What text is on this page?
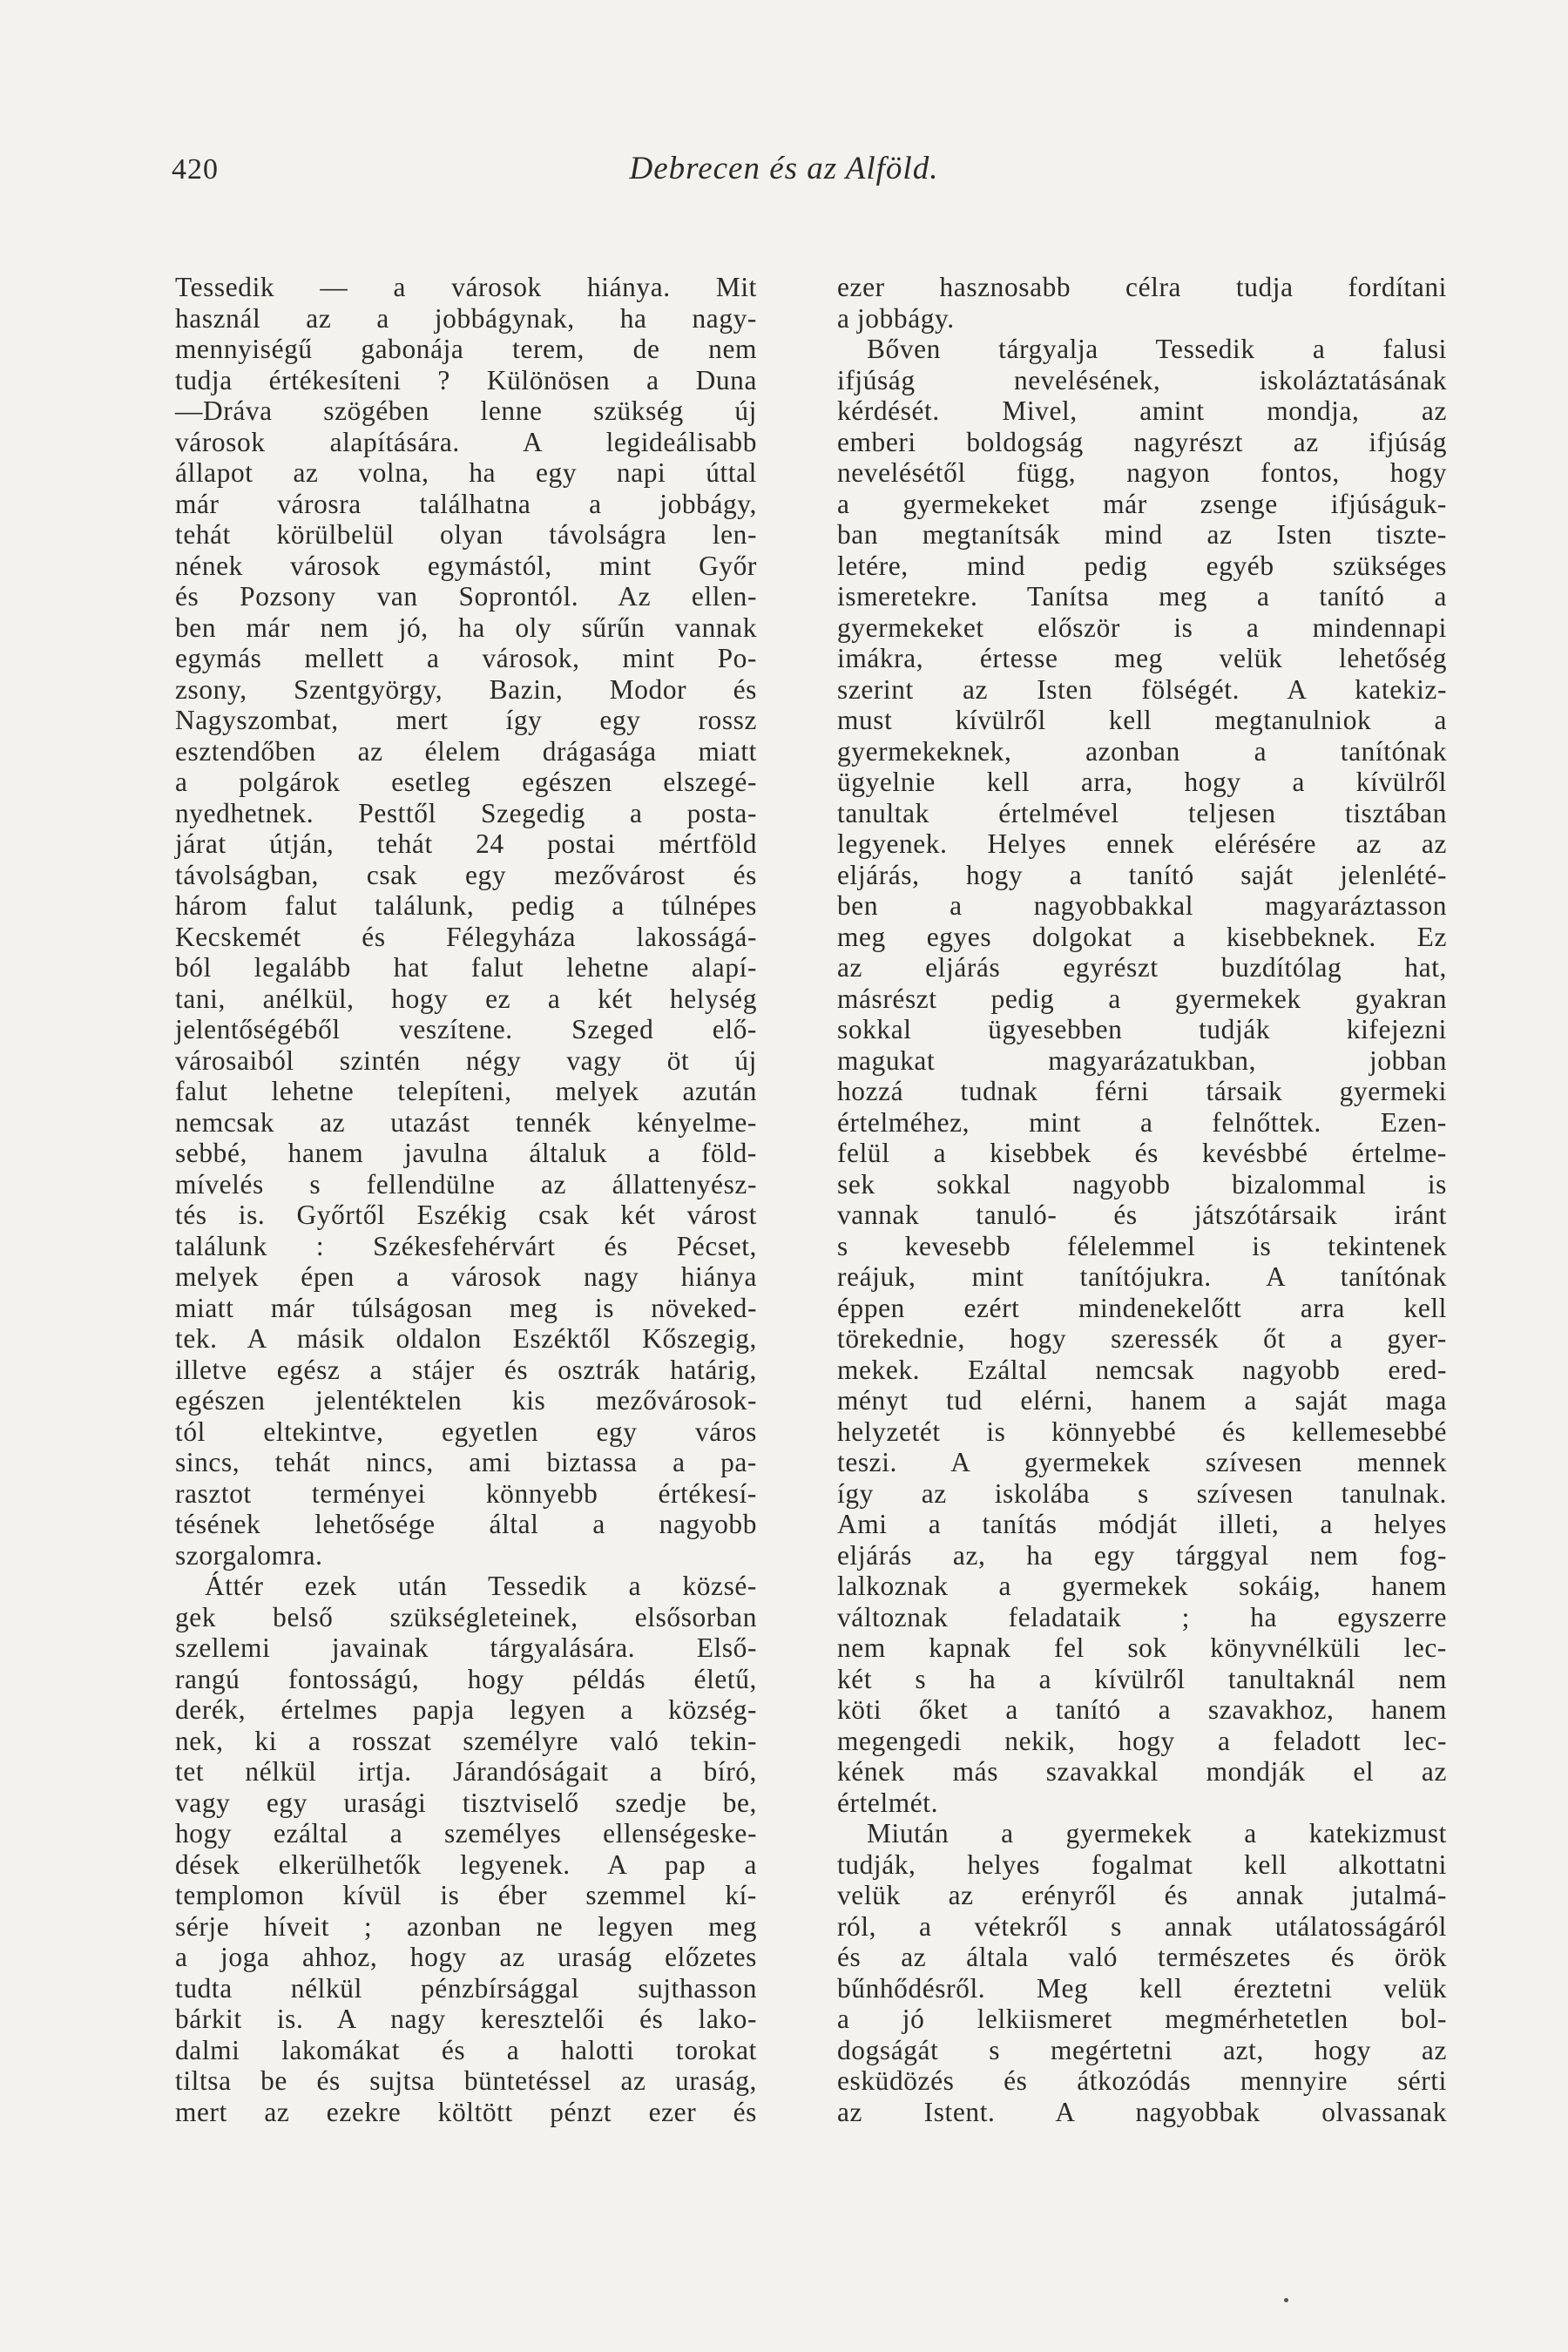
420	Debrecen és az Alföld.
Tessedik — a városok hiánya. Mit
használ az a jobbágynak, ha nagy-
mennyiségű gabonája terem, de nem
tudja értékesíteni ? Különösen a Duna
—Dráva szögében lenne szükség új
városok alapítására. A legideálisabb
állapot az volna, ha egy napi úttal
már városra találhatna a jobbágy,
tehát körülbelül olyan távolságra len-
nének városok egymástól, mint Győr
és Pozsony van Soprontól. Az ellen-
ben már nem jó, ha oly sűrűn vannak
egymás mellett a városok, mint Po-
zsony, Szentgyörgy, Bazin, Modor és
Nagyszombat, mert így egy rossz
esztendőben az élelem drágasága miatt
a polgárok esetleg egészen elszegé-
nyedhetnek. Pesttől Szegedig a posta-
járat útján, tehát 24 postai mértföld
távolságban, csak egy mezővárost és
három falut találunk, pedig a túlnépes
Kecskemét és Félegyháza lakosságá-
ból legalább hat falut lehetne alapí-
tani, anélkül, hogy ez a két helység
jelentőségéből veszítene. Szeged elő-
városaiból szintén négy vagy öt új
falut lehetne telepíteni, melyek azután
nemcsak az utazást tennék kényelme-
sebbé, hanem javulna általuk a föld-
mívelés s fellendülne az állattenyész-
tés is. Győrtől Eszékig csak két várost
találunk : Székesfehérvárt és Pécset,
melyek épen a városok nagy hiánya
miatt már túlságosan meg is növeked-
tek. A másik oldalon Eszéktől Kőszegig,
illetve egész a stájer és osztrák határig,
egészen jelentéktelen kis mezővárosok-
tól eltekintve, egyetlen egy város
sincs, tehát nincs, ami biztassa a pa-
rasztot terményei könnyebb értékesí-
tésének lehetősége által a nagyobb
szorgalomra.
Áttér ezek után Tessedik a közsé-
gek belső szükségleteinek, elsősorban
szellemi javainak tárgyalására. Első-
rangú fontosságú, hogy példás életű,
derék, értelmes papja legyen a község-
nek, ki a rosszat személyre való tekin-
tet nélkül irtja. Járandóságait a bíró,
vagy egy urasági tisztviselő szedje be,
hogy ezáltal a személyes ellenségeske-
dések elkerülhetők legyenek. A pap a
templomon kívül is éber szemmel kí-
sérje híveit ; azonban ne legyen meg
a joga ahhoz, hogy az uraság előzetes
tudta nélkül pénzbírsággal sujthasson
bárkit is. A nagy keresztelői és lako-
dalmi lakomákat és a halotti torokat
tiltsa be és sujtsa büntetéssel az uraság,
mert az ezekre költött pénzt ezer és
ezer hasznosabb célra tudja fordítani
a jobbágy.
Bőven tárgyalja Tessedik a falusi
ifjúság nevelésének, iskoláztatásának
kérdését. Mivel, amint mondja, az
emberi boldogság nagyrészt az ifjúság
nevelésétől függ, nagyon fontos, hogy
a gyermekeket már zsenge ifjúságuk-
ban megtanítsák mind az Isten tiszte-
letére, mind pedig egyéb szükséges
ismeretekre. Tanítsa meg a tanító a
gyermekeket először is a mindennapi
imákra, értesse meg velük lehetőség
szerint az Isten fölségét. A katekiz-
must kívülről kell megtanulniok a
gyermekeknek, azonban a tanítónak
ügyelnie kell arra, hogy a kívülről
tanultak értelmével teljesen tisztában
legyenek. Helyes ennek elérésére az az
eljárás, hogy a tanító saját jelenlété-
ben a nagyobbakkal magyaráztasson
meg egyes dolgokat a kisebbeknek. Ez
az eljárás egyrészt buzdítólag hat,
másrészt pedig a gyermekek gyakran
sokkal ügyesebben tudják kifejezni
magukat magyarázatukban, jobban
hozzá tudnak férni társaik gyermeki
értelméhez, mint a felnőttek. Ezen-
felül a kisebbek és kevésbbé értelme-
sek sokkal nagyobb bizalommal is
vannak tanuló- és játszótársaik iránt
s kevesebb félelemmel is tekintenek
reájuk, mint tanítójukra. A tanítónak
éppen ezért mindenekelőtt arra kell
törekednie, hogy szeressék őt a gyer-
mekek. Ezáltal nemcsak nagyobb ered-
ményt tud elérni, hanem a saját maga
helyzetét is könnyebbé és kellemesebbé
teszi. A gyermekek szívesen mennek
így az iskolába s szívesen tanulnak.
Ami a tanítás módját illeti, a helyes
eljárás az, ha egy tárggyal nem fog-
lalkoznak a gyermekek sokáig, hanem
változnak feladataik ; ha egyszerre
nem kapnak fel sok könyvnélküli lec-
két s ha a kívülről tanultaknál nem
köti őket a tanító a szavakhoz, hanem
megengedi nekik, hogy a feladott lec-
kének más szavakkal mondják el az
értelmét.
Miután a gyermekek a katekizmust
tudják, helyes fogalmat kell alkottatni
velük az erényről és annak jutalmá-
ról, a vétekről s annak utálatosságáról
és az általa való természetes és örök
bűnhődésről. Meg kell éreztetni velük
a jó lelkiismeret megmérhetetlen bol-
dogságát s megértetni azt, hogy az
esküdözés és átkozódás mennyire sérti
az Istent. A nagyobbak olvassanak
